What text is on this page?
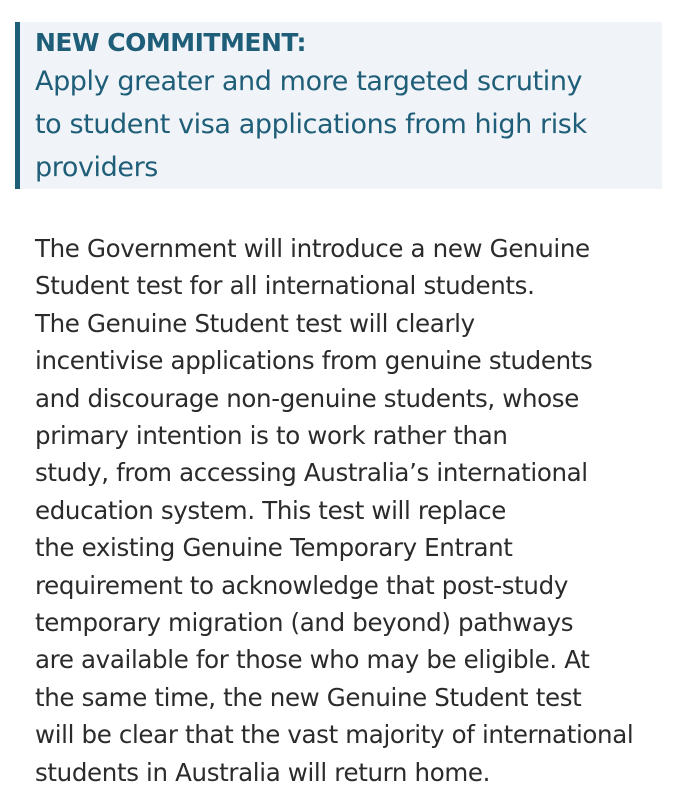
NEW COMMITMENT:
Apply greater and more targeted scrutiny
to student visa applications from high risk
providers
The Government will introduce a new Genuine
Student test for all international students.
The Genuine Student test will clearly
incentivise applications from genuine students
and discourage non-genuine students, whose
primary intention is to work rather than
study, from accessing Australia’s international
education system. This test will replace
the existing Genuine Temporary Entrant
requirement to acknowledge that post-study
temporary migration (and beyond) pathways
are available for those who may be eligible. At
the same time, the new Genuine Student test
will be clear that the vast majority of international
students in Australia will return home.
